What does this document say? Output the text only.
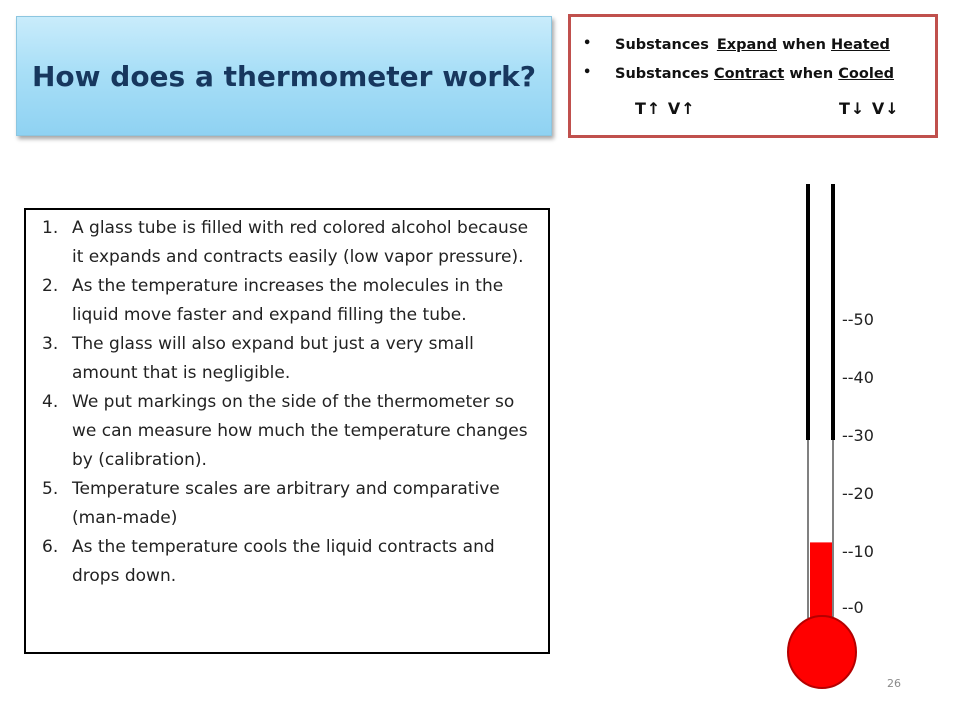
How does a thermometer work?
• Substances Expand when Heated
• Substances Contract when Cooled
T↑ V↑	T↓ V↓
1. A glass tube is filled with red colored alcohol because it expands and contracts easily (low vapor pressure).
2. As the temperature increases the molecules in the liquid move faster and expand filling the tube.
3. The glass will also expand but just a very small amount that is negligible.
4. We put markings on the side of the thermometer so we can measure how much the temperature changes by (calibration).
5. Temperature scales are arbitrary and comparative (man-made)
6. As the temperature cools the liquid contracts and drops down.
--50
--40
--30
--20
--10
--0
26
